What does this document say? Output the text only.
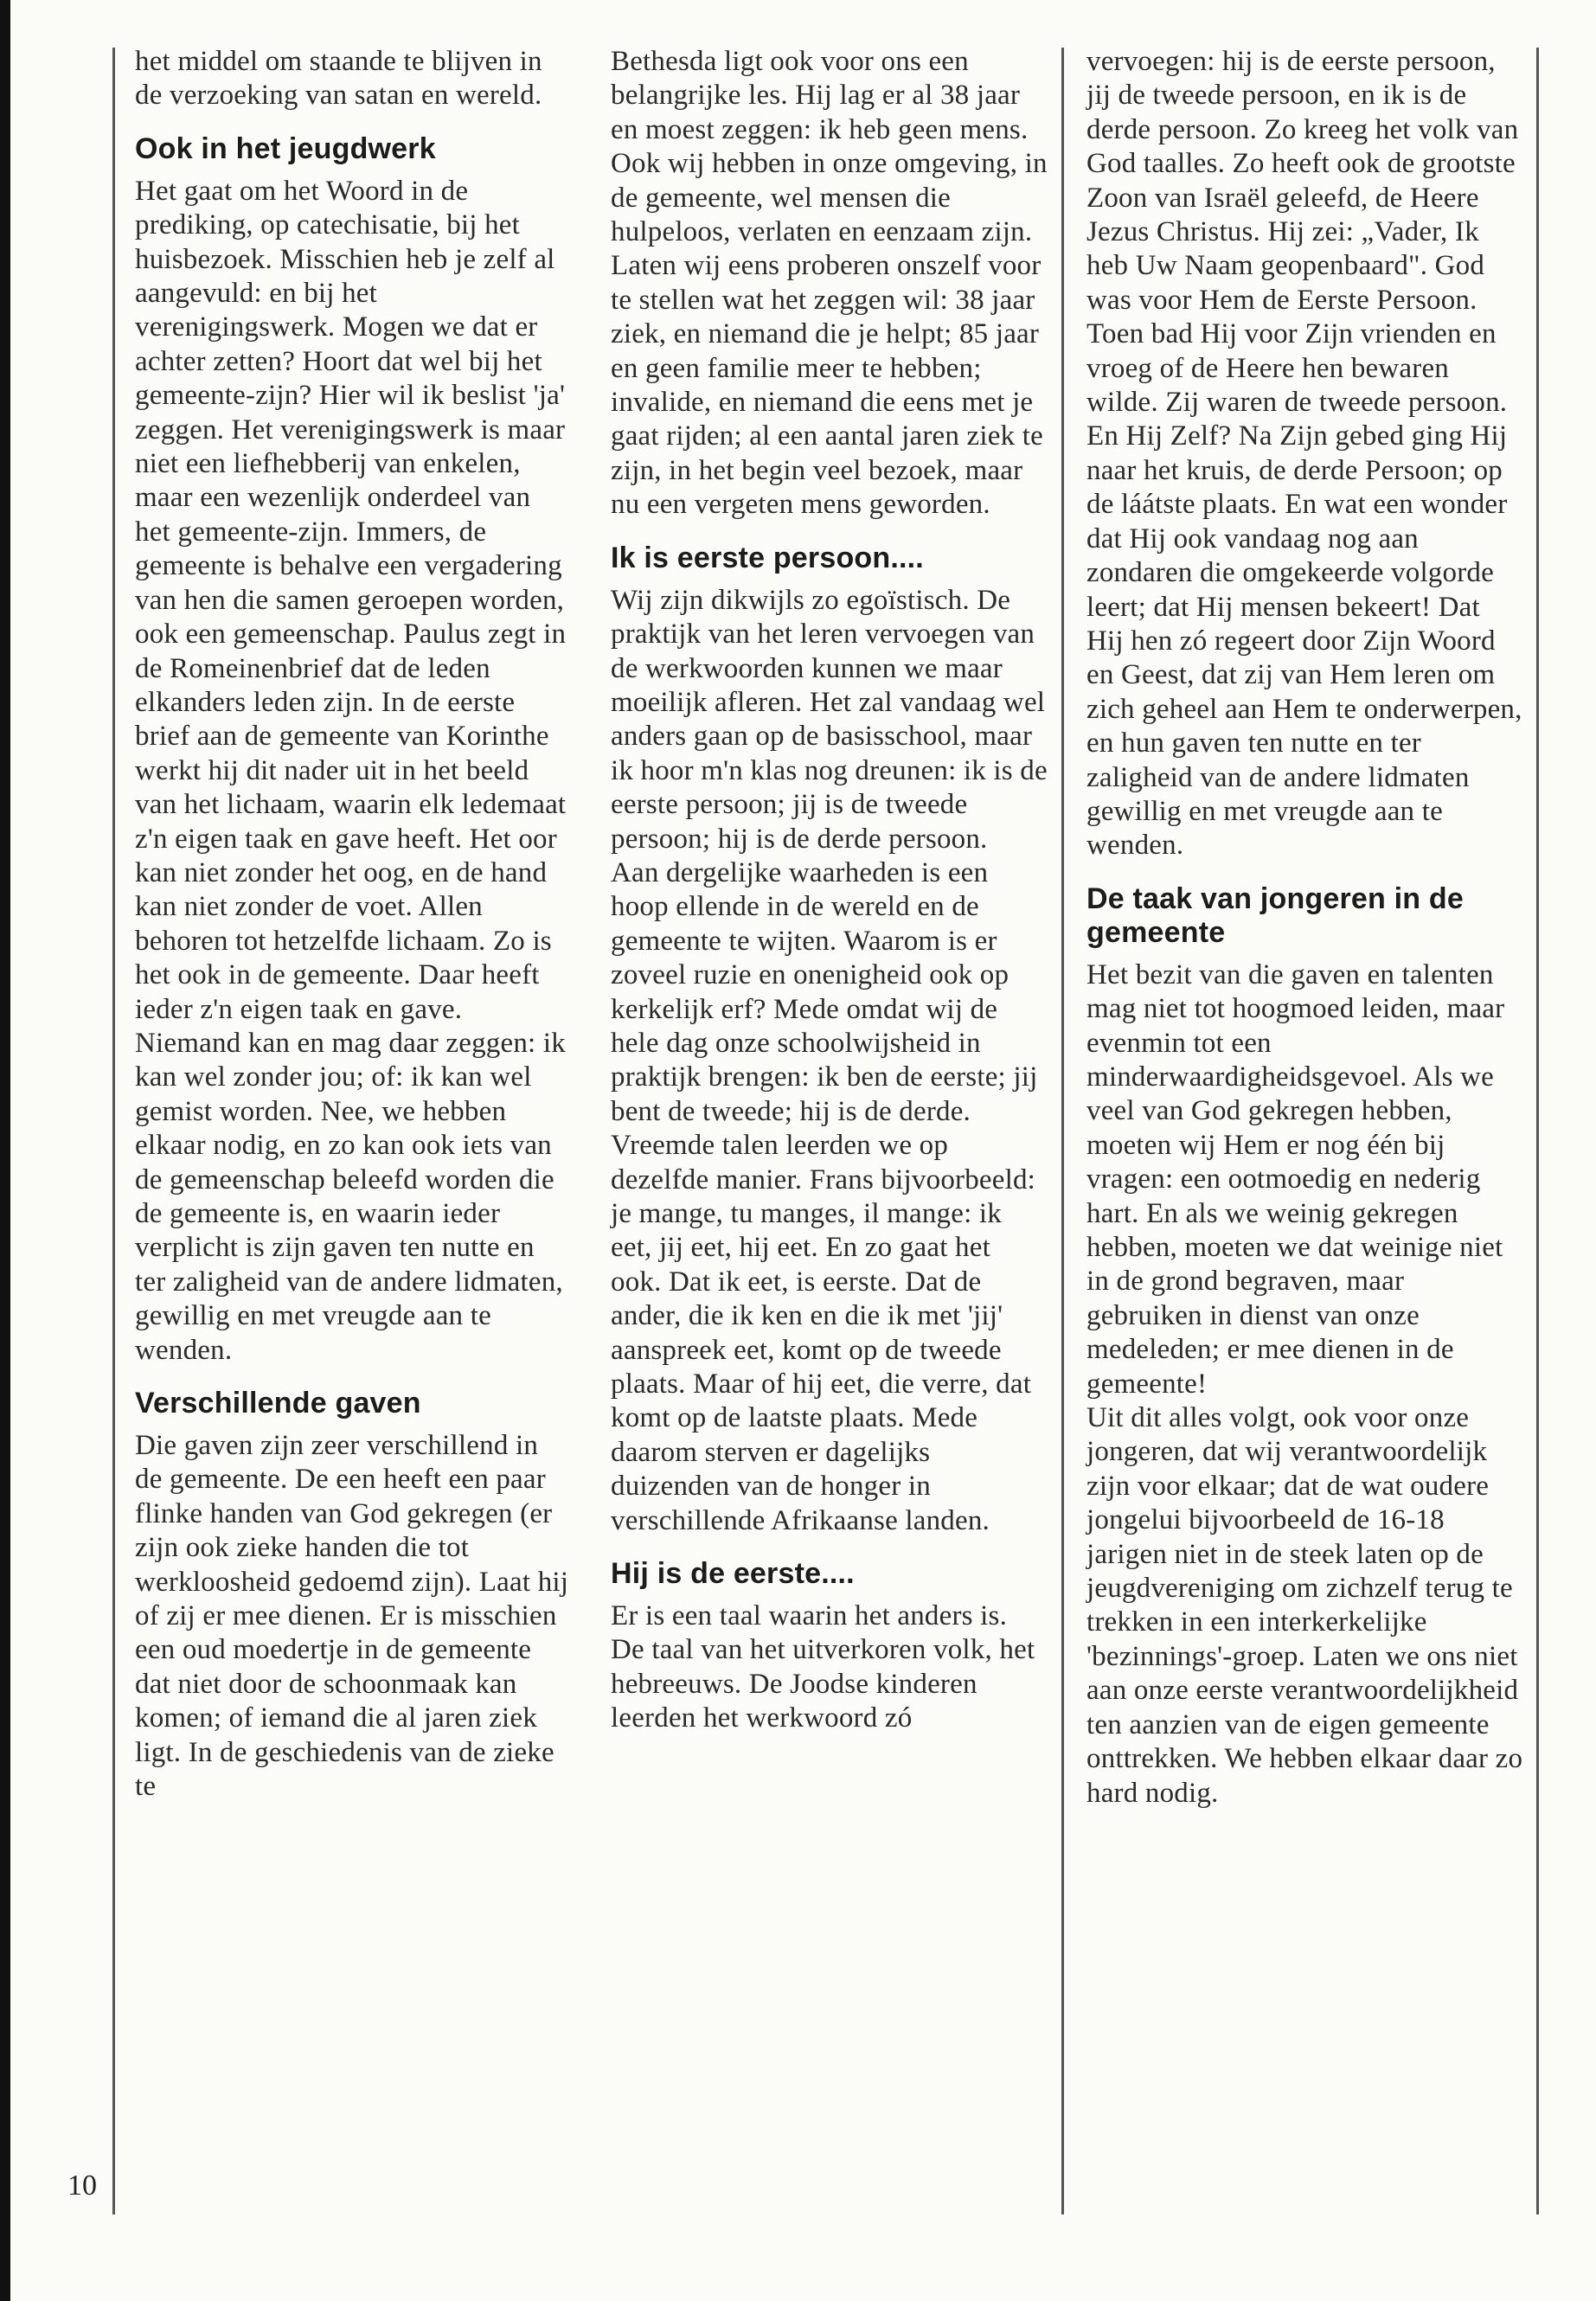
10

het middel om staande te blijven in de verzoeking van satan en wereld.

Ook in het jeugdwerk

Het gaat om het Woord in de prediking, op catechisatie, bij het huisbezoek. Misschien heb je zelf al aangevuld: en bij het verenigingswerk. Mogen we dat er achter zetten? Hoort dat wel bij het gemeente-zijn? Hier wil ik beslist 'ja' zeggen. Het verenigingswerk is maar niet een liefhebberij van enkelen, maar een wezenlijk onderdeel van het gemeente-zijn. Immers, de gemeente is behalve een vergadering van hen die samen geroepen worden, ook een gemeenschap. Paulus zegt in de Romeinenbrief dat de leden elkanders leden zijn. In de eerste brief aan de gemeente van Korinthe werkt hij dit nader uit in het beeld van het lichaam, waarin elk ledemaat z'n eigen taak en gave heeft. Het oor kan niet zonder het oog, en de hand kan niet zonder de voet. Allen behoren tot hetzelfde lichaam. Zo is het ook in de gemeente. Daar heeft ieder z'n eigen taak en gave. Niemand kan en mag daar zeggen: ik kan wel zonder jou; of: ik kan wel gemist worden. Nee, we hebben elkaar nodig, en zo kan ook iets van de gemeenschap beleefd worden die de gemeente is, en waarin ieder verplicht is zijn gaven ten nutte en ter zaligheid van de andere lidmaten, gewillig en met vreugde aan te wenden.

Verschillende gaven

Die gaven zijn zeer verschillend in de gemeente. De een heeft een paar flinke handen van God gekregen (er zijn ook zieke handen die tot werkloosheid gedoemd zijn). Laat hij of zij er mee dienen. Er is misschien een oud moedertje in de gemeente dat niet door de schoonmaak kan komen; of iemand die al jaren ziek ligt. In de geschiedenis van de zieke te

Bethesda ligt ook voor ons een belangrijke les. Hij lag er al 38 jaar en moest zeggen: ik heb geen mens.

Ook wij hebben in onze omgeving, in de gemeente, wel mensen die hulpeloos, verlaten en eenzaam zijn. Laten wij eens proberen onszelf voor te stellen wat het zeggen wil: 38 jaar ziek, en niemand die je helpt; 85 jaar en geen familie meer te hebben; invalide, en niemand die eens met je gaat rijden; al een aantal jaren ziek te zijn, in het begin veel bezoek, maar nu een vergeten mens geworden.

Ik is eerste persoon....

Wij zijn dikwijls zo egoïstisch. De praktijk van het leren vervoegen van de werkwoorden kunnen we maar moeilijk afleren. Het zal vandaag wel anders gaan op de basisschool, maar ik hoor m'n klas nog dreunen: ik is de eerste persoon; jij is de tweede persoon; hij is de derde persoon.

Aan dergelijke waarheden is een hoop ellende in de wereld en de gemeente te wijten. Waarom is er zoveel ruzie en onenigheid ook op kerkelijk erf? Mede omdat wij de hele dag onze schoolwijsheid in praktijk brengen: ik ben de eerste; jij bent de tweede; hij is de derde.

Vreemde talen leerden we op dezelfde manier. Frans bijvoorbeeld: je mange, tu manges, il mange: ik eet, jij eet, hij eet. En zo gaat het ook. Dat ik eet, is eerste. Dat de ander, die ik ken en die ik met 'jij' aanspreek eet, komt op de tweede plaats. Maar of hij eet, die verre, dat komt op de laatste plaats. Mede daarom sterven er dagelijks duizenden van de honger in verschillende Afrikaanse landen.

Hij is de eerste....

Er is een taal waarin het anders is. De taal van het uitverkoren volk, het hebreeuws. De Joodse kinderen leerden het werkwoord zó

vervoegen: hij is de eerste persoon, jij de tweede persoon, en ik is de derde persoon. Zo kreeg het volk van God taalles. Zo heeft ook de grootste Zoon van Israël geleefd, de Heere Jezus Christus. Hij zei: „Vader, Ik heb Uw Naam geopenbaard". God was voor Hem de Eerste Persoon. Toen bad Hij voor Zijn vrienden en vroeg of de Heere hen bewaren wilde. Zij waren de tweede persoon. En Hij Zelf? Na Zijn gebed ging Hij naar het kruis, de derde Persoon; op de láátste plaats. En wat een wonder dat Hij ook vandaag nog aan zondaren die omgekeerde volgorde leert; dat Hij mensen bekeert! Dat Hij hen zó regeert door Zijn Woord en Geest, dat zij van Hem leren om zich geheel aan Hem te onderwerpen, en hun gaven ten nutte en ter zaligheid van de andere lidmaten gewillig en met vreugde aan te wenden.

De taak van jongeren in de gemeente

Het bezit van die gaven en talenten mag niet tot hoogmoed leiden, maar evenmin tot een minderwaardigheidsgevoel. Als we veel van God gekregen hebben, moeten wij Hem er nog één bij vragen: een ootmoedig en nederig hart. En als we weinig gekregen hebben, moeten we dat weinige niet in de grond begraven, maar gebruiken in dienst van onze medeleden; er mee dienen in de gemeente!

Uit dit alles volgt, ook voor onze jongeren, dat wij verantwoordelijk zijn voor elkaar; dat de wat oudere jongelui bijvoorbeeld de 16-18 jarigen niet in de steek laten op de jeugdvereniging om zichzelf terug te trekken in een interkerkelijke 'bezinnings'-groep. Laten we ons niet aan onze eerste verantwoordelijkheid ten aanzien van de eigen gemeente onttrekken. We hebben elkaar daar zo hard nodig.
